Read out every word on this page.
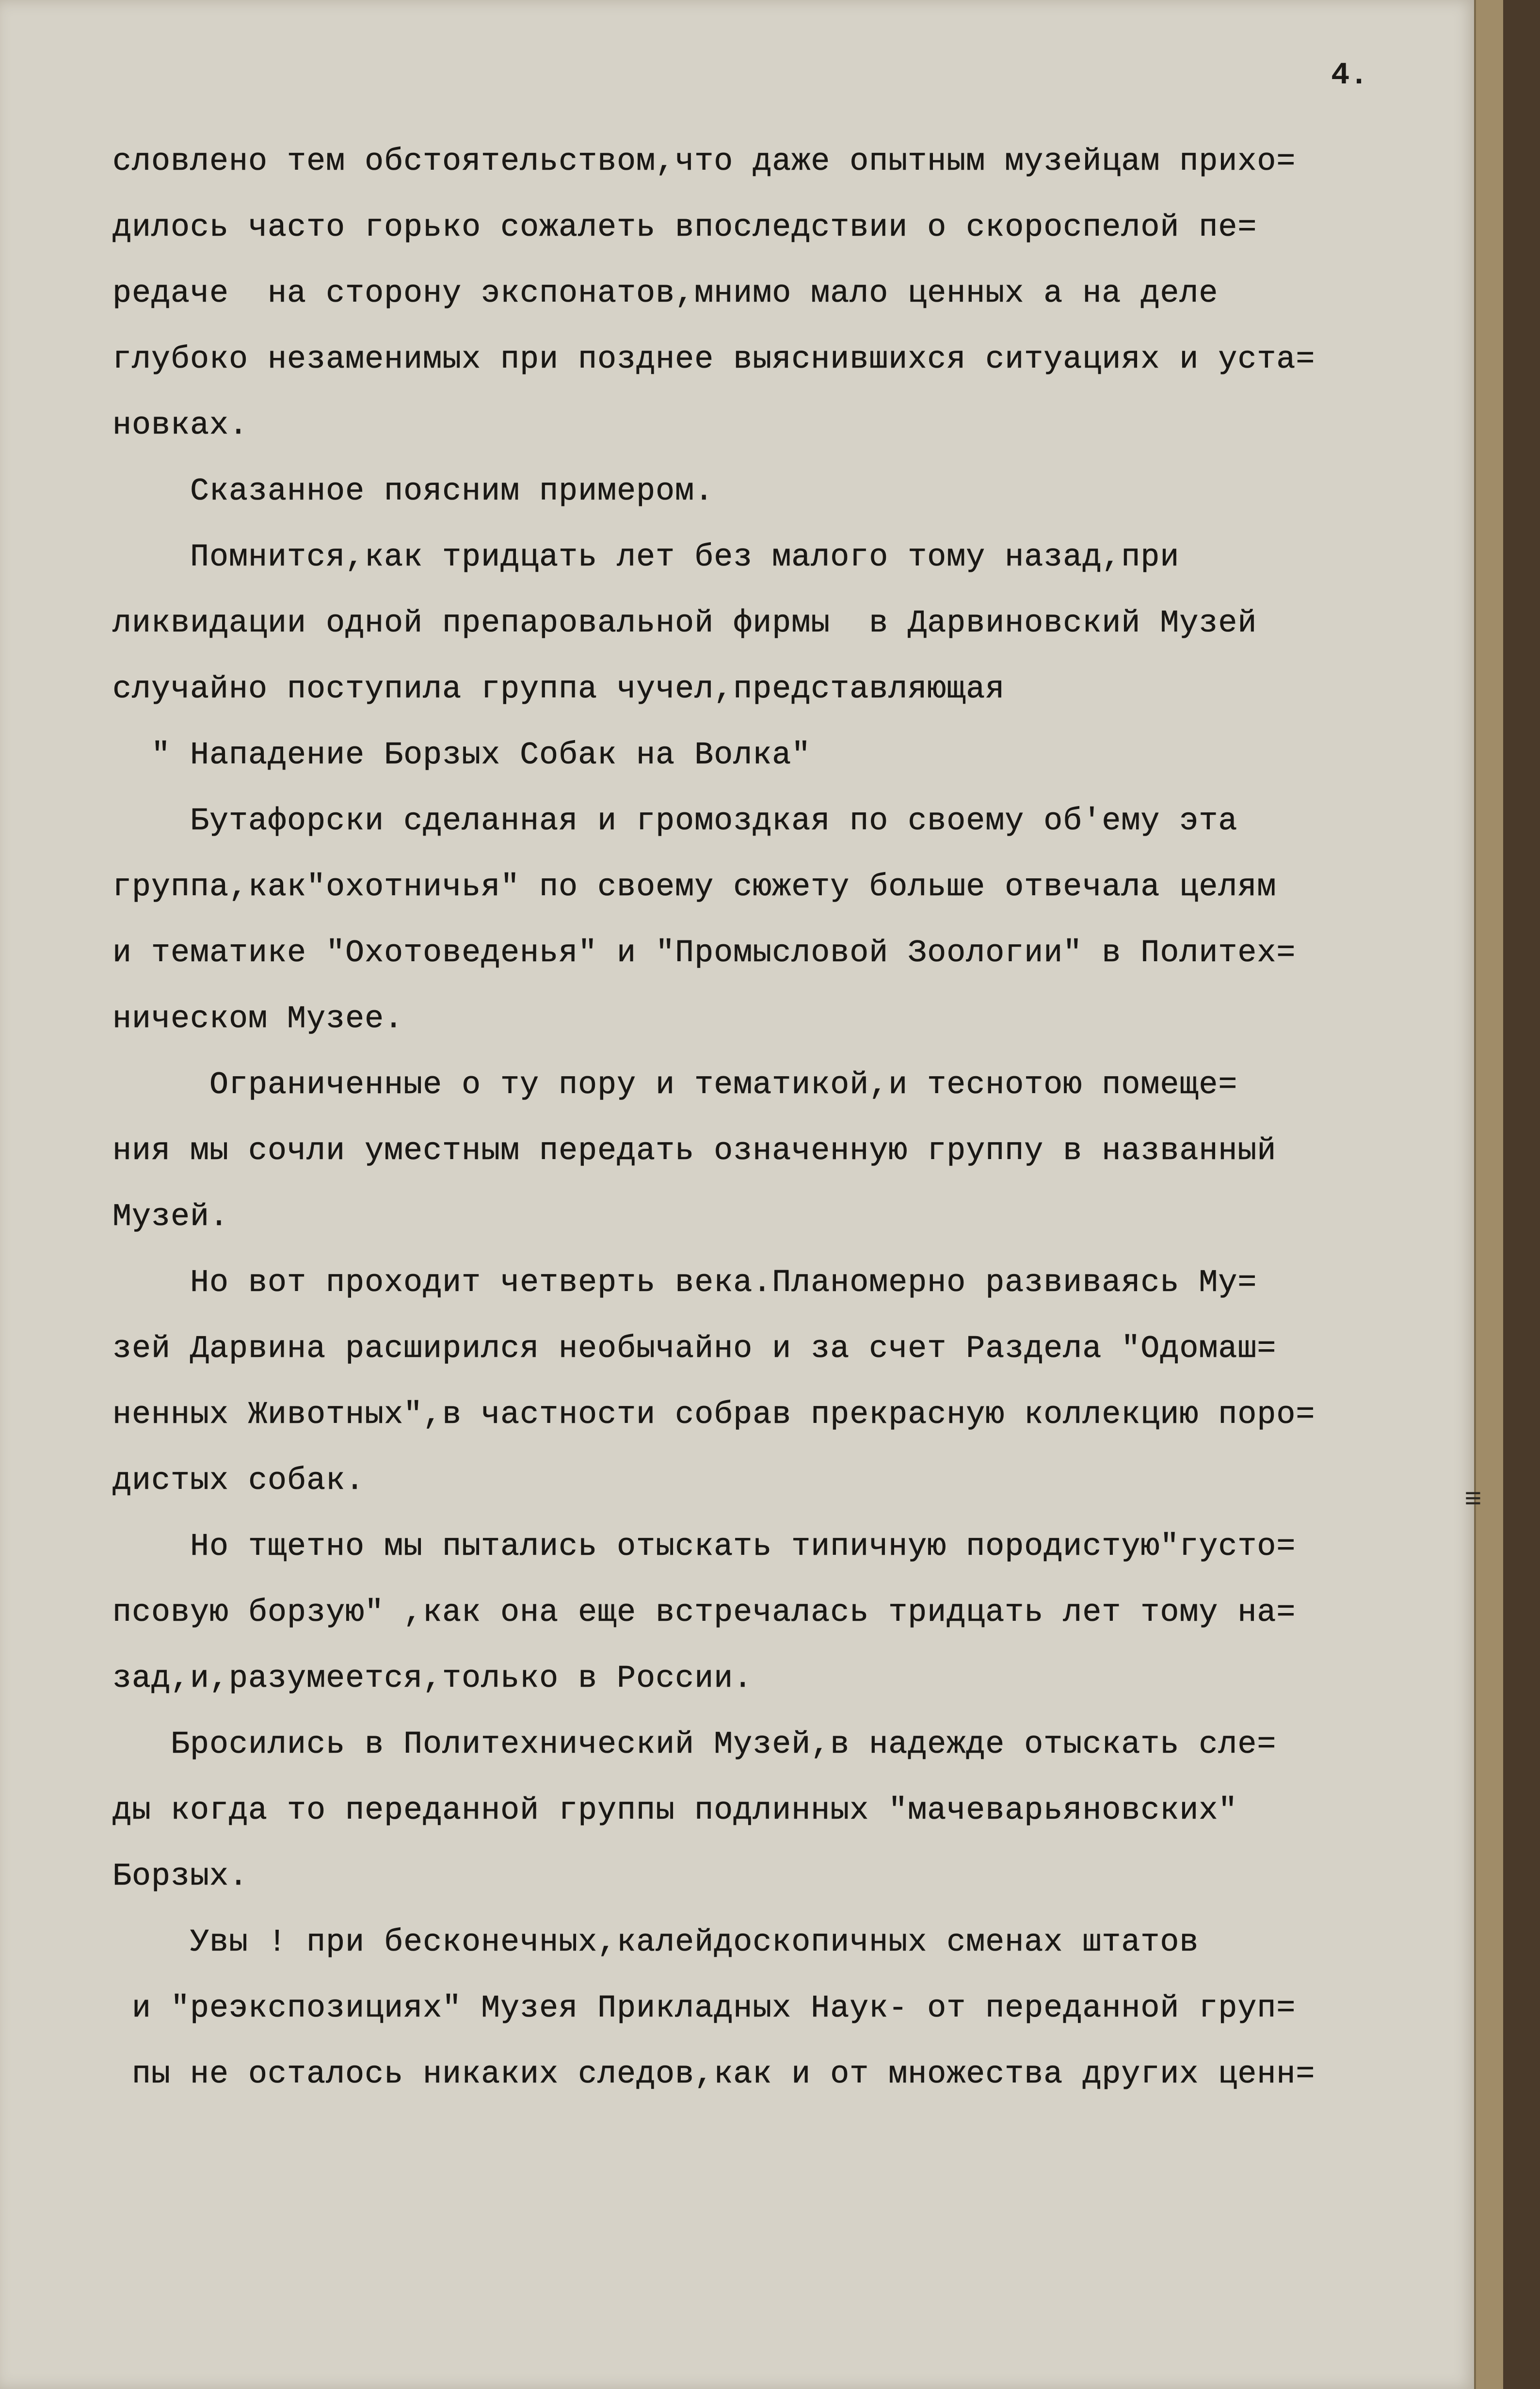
4.
словлено тем обстоятельством,что даже опытным музейцам прихо=
дилось часто горько сожалеть впоследствии о скороспелой пе=
редаче  на сторону экспонатов,мнимо мало ценных а на деле
глубоко незаменимых при позднее выяснившихся ситуациях и уста=
новках.
Сказанное поясним примером.
Помнится,как тридцать лет без малого тому назад,при
ликвидации одной препаровальной фирмы  в Дарвиновский Музей
случайно поступила группа чучел,представляющая
" Нападение Борзых Собак на Волка"
Бутафорски сделанная и громоздкая по своему об'ему эта
группа,как"охотничья" по своему сюжету больше отвечала целям
и тематике "Охотоведенья" и "Промысловой Зоологии" в Политех=
ническом Музее.
Ограниченные о ту пору и тематикой,и теснотою помеще=
ния мы сочли уместным передать означенную группу в названный
Музей.
Но вот проходит четверть века.Планомерно развиваясь Му=
зей Дарвина расширился необычайно и за счет Раздела "Одомаш=
ненных Животных",в частности собрав прекрасную коллекцию поро=
дистых собак.
Но тщетно мы пытались отыскать типичную породистую"густо=
псовую борзую" ,как она еще встречалась тридцать лет тому на=
зад,и,разумеется,только в России.
Бросились в Политехнический Музей,в надежде отыскать сле=
ды когда то переданной группы подлинных "мачеварьяновских"
Борзых.
Увы ! при бесконечных,калейдоскопичных сменах штатов
и "реэкспозициях" Музея Прикладных Наук- от переданной груп=
пы не осталось никаких следов,как и от множества других ценн=
≡
